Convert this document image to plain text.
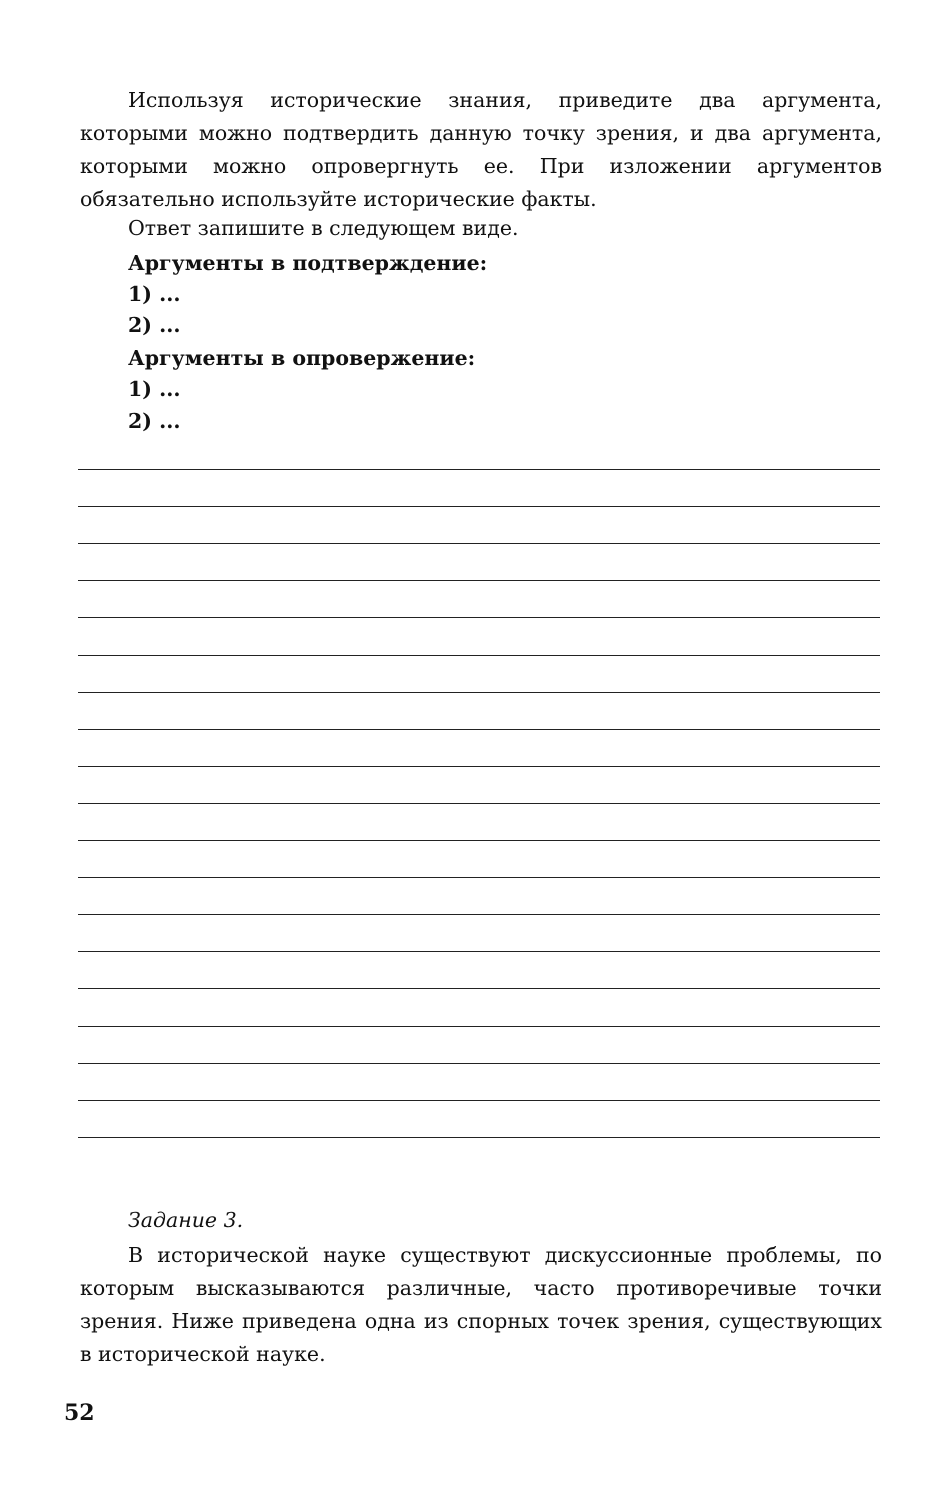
Используя исторические знания, приведите два аргумента, которыми можно подтвердить данную точку зрения, и два аргумента, которыми можно опровергнуть ее. При изложении аргументов обязательно используйте исторические факты.

Ответ запишите в следующем виде.

Аргументы в подтверждение:

1) ...

2) ...

Аргументы в опровержение:

1) ...

2) ...

Задание 3.

В исторической науке существуют дискуссионные проблемы, по которым высказываются различные, часто противоречивые точки зрения. Ниже приведена одна из спорных точек зрения, существующих в исторической науке.

52
